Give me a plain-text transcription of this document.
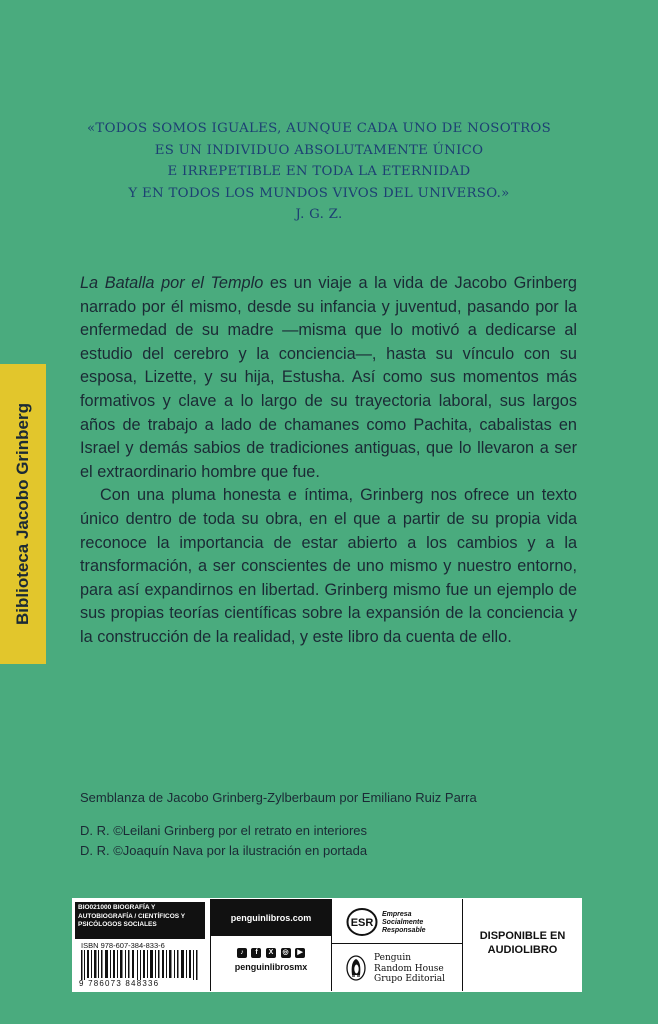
Biblioteca Jacobo Grinberg
«TODOS SOMOS IGUALES, AUNQUE CADA UNO DE NOSOTROS
ES UN INDIVIDUO ABSOLUTAMENTE ÚNICO
E IRREPETIBLE EN TODA LA ETERNIDAD
Y EN TODOS LOS MUNDOS VIVOS DEL UNIVERSO.»
J. G. Z.

La Batalla por el Templo es un viaje a la vida de Jacobo Grinberg narrado por él mismo, desde su infancia y juventud, pasando por la enfermedad de su madre —misma que lo motivó a dedicarse al estudio del cerebro y la conciencia—, hasta su vínculo con su esposa, Lizette, y su hija, Estusha. Así como sus momentos más formativos y clave a lo largo de su trayectoria laboral, sus largos años de trabajo a lado de chamanes como Pachita, cabalistas en Israel y demás sabios de tradiciones antiguas, que lo llevaron a ser el extraordinario hombre que fue.

Con una pluma honesta e íntima, Grinberg nos ofrece un texto único dentro de toda su obra, en el que a partir de su propia vida reconoce la importancia de estar abierto a los cambios y a la transformación, a ser conscientes de uno mismo y nuestro entorno, para así expandirnos en libertad. Grinberg mismo fue un ejemplo de sus propias teorías científicas sobre la expansión de la conciencia y la construcción de la realidad, y este libro da cuenta de ello.

Semblanza de Jacobo Grinberg-Zylberbaum por Emiliano Ruiz Parra
D. R. ©Leilani Grinberg por el retrato en interiores
D. R. ©Joaquín Nava por la ilustración en portada
BIO021000 BIOGRAFÍA Y AUTOBIOGRAFÍA / CIENTÍFICOS Y PSICÓLOGOS SOCIALES
ISBN 978-607-384-833-6
9 786073 848336
penguinlibros.com
♪ f X ◎ ▶
penguinlibrosmx
ESR
Empresa
Socialmente
Responsable
Penguin
Random House
Grupo Editorial
DISPONIBLE EN
AUDIOLIBRO
